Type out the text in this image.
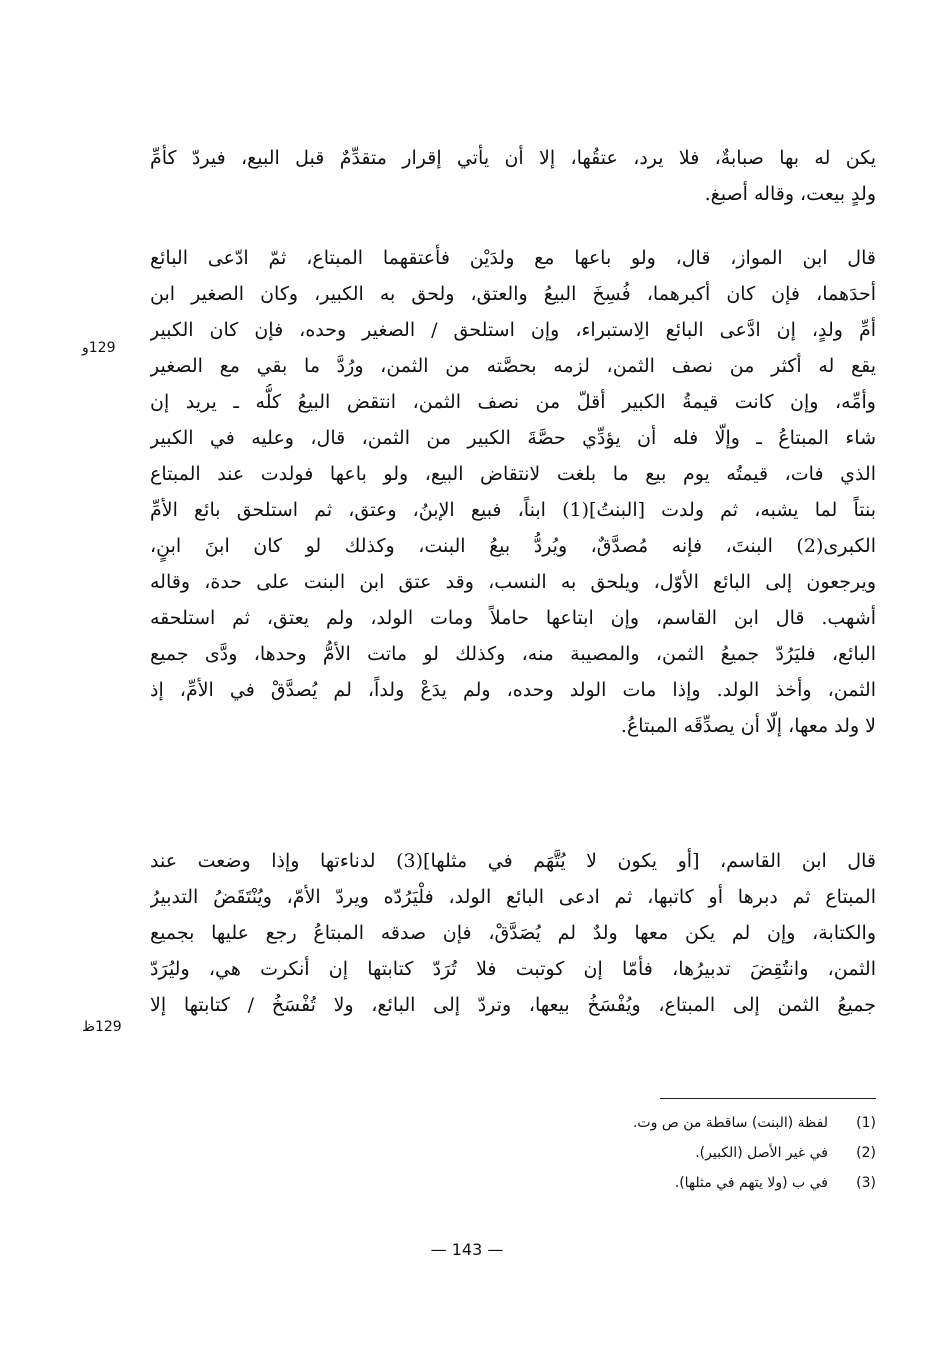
يكن له بها صبابةٌ، فلا يرد، عتقُها، إلا أن يأتي إقرار متقدِّمٌ قبل البيع، فيردّ كأمِّ
ولدٍ بيعت، وقاله أصبغ.
قال ابن المواز، قال، ولو باعها مع ولدَيْن فأعتقهما المبتاع، ثمّ ادّعى البائع
أحدَهما، فإن كان أكبرهما، فُسِخَ البيعُ والعتق، ولحق به الكبير، وكان الصغير ابن
أمِّ ولدٍ، إن ادَّعى البائع الِاستبراء، وإن استلحق / الصغير وحده، فإن كان الكبير
يقع له أكثر من نصف الثمن، لزمه بحصَّته من الثمن، ورُدَّ ما بقي مع الصغير
وأمِّه، وإن كانت قيمةُ الكبير أقلّ من نصف الثمن، انتقض البيعُ كلُّه ـ يريد إن
شاء المبتاعُ ـ وإلّا فله أن يؤدِّي حصَّةَ الكبير من الثمن، قال، وعليه في الكبير
الذي فات، قيمتُه يوم بيع ما بلغت لانتقاض البيع، ولو باعها فولدت عند المبتاع
بنتاً لما يشبه، ثم ولدت [البنتُ](1) ابناً، فبيع الإبنُ، وعتق، ثم استلحق بائع الأمِّ
الكبرى(2) البنتَ، فإنه مُصدَّقٌ، ويُردُّ بيعُ البنت، وكذلك لو كان ابنَ ابنٍ،
ويرجعون إلى البائع الأوّل، ويلحق به النسب، وقد عتق ابن البنت على حدة، وقاله
أشهب. قال ابن القاسم، وإن ابتاعها حاملاً ومات الولد، ولم يعتق، ثم استلحقه
البائع، فليَرُدّ جميعُ الثمن، والمصيبة منه، وكذلك لو ماتت الأمُّ وحدها، ودَّى جميع
الثمن، وأخذ الولد. وإذا مات الولد وحده، ولم يدَعْ ولداً، لم يُصدَّقْ في الأمِّ، إذ
لا ولد معها، إلّا أن يصدِّقَه المبتاعُ.
129و
قال ابن القاسم، [أو يكون لا يُتَّهَم في مثلها](3) لدناءتها وإذا وضعت عند
المبتاع ثم دبرها أو كاتبها، ثم ادعى البائع الولد، فلْيَرُدّه ويردّ الأمّ، ويُنْتَقَضُ التدبيرُ
والكتابة، وإن لم يكن معها ولدٌ لم يُصَدَّقْ، فإن صدقه المبتاعُ رجع عليها بجميع
الثمن، وانتُقِضَ تدبيرُها، فأمّا إن كوتبت فلا تُرَدّ كتابتها إن أنكرت هي، وليُرَدّ
جميعُ الثمن إلى المبتاع، ويُفْسَخُ بيعها، وتردّ إلى البائع، ولا تُفْسَخُ / كتابتها إلا
129ظ
(1)
لفظة (البنت) ساقطة من ص وت.
(2)
في غير الأصل (الكبير).
(3)
في ب (ولا يتهم في مثلها).
— 143 —
